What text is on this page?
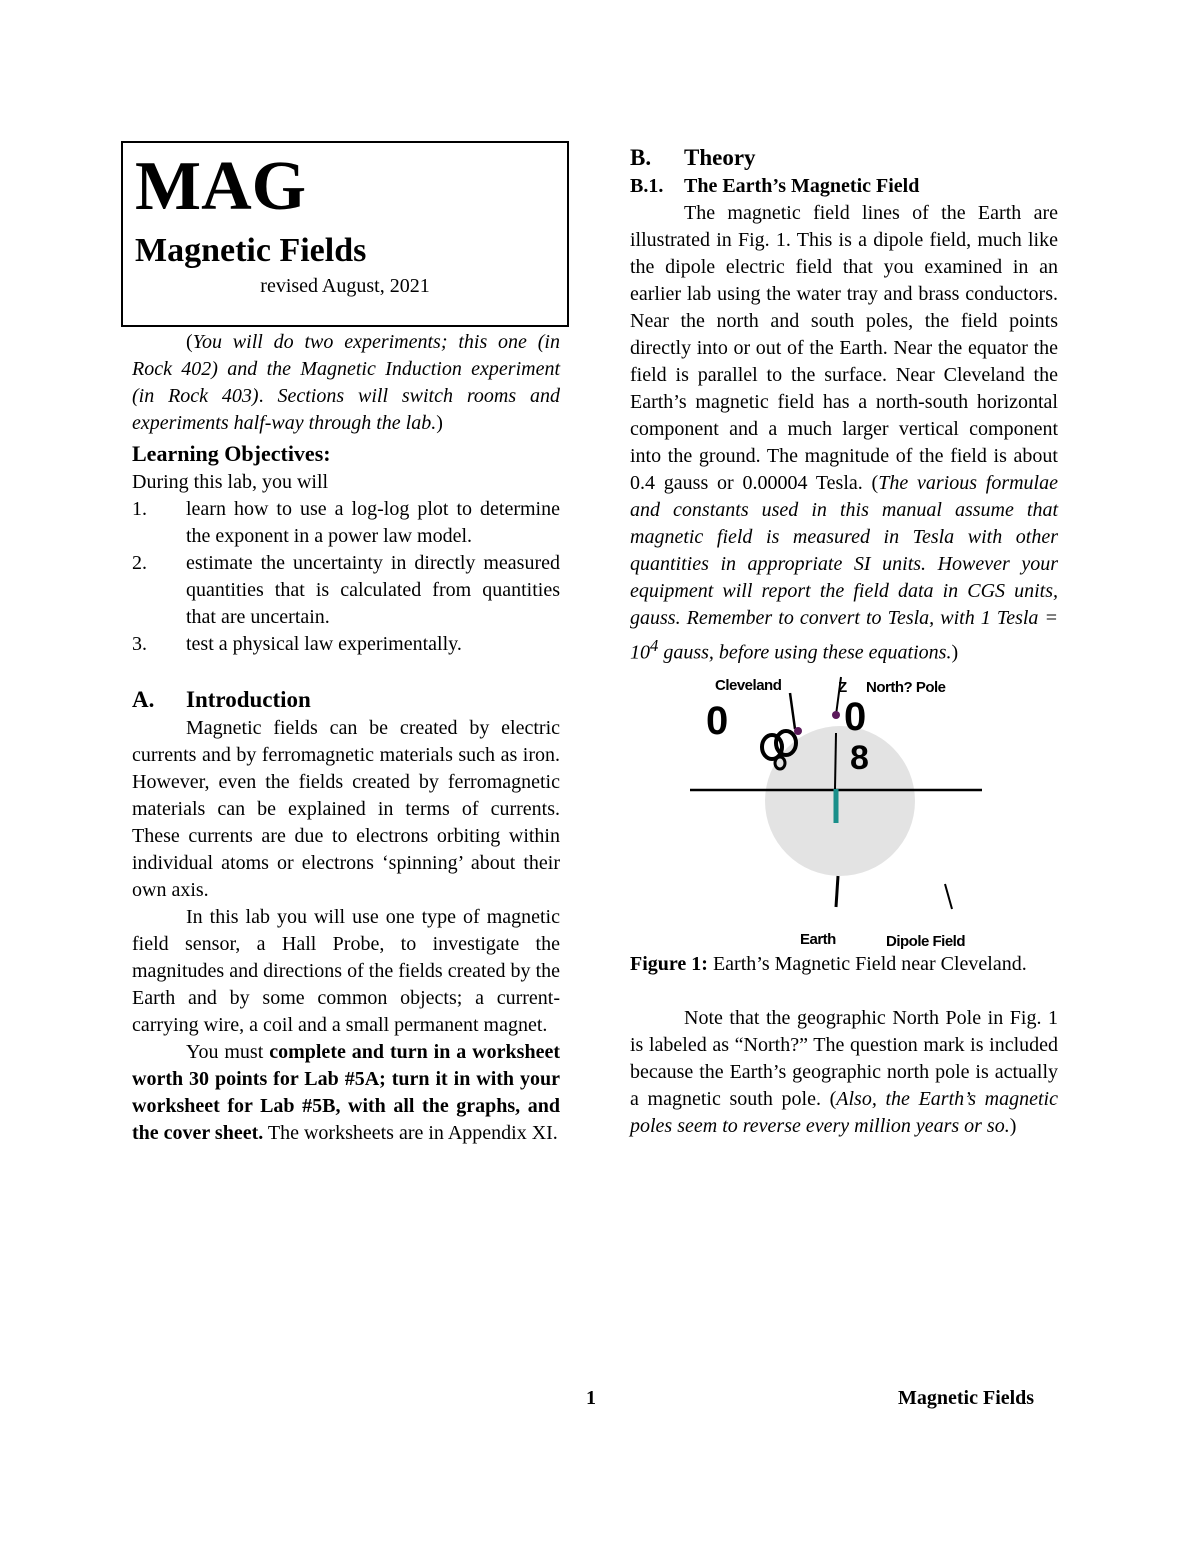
MAG
Magnetic Fields
revised August, 2021

(You will do two experiments; this one (in Rock 402) and the Magnetic Induction experiment (in Rock 403). Sections will switch rooms and experiments half-way through the lab.)

Learning Objectives:

During this lab, you will

1. learn how to use a log-log plot to determine the exponent in a power law model.
2. estimate the uncertainty in directly measured quantities that is calculated from quantities that are uncertain.
3. test a physical law experimentally.
A. Introduction

Magnetic fields can be created by electric currents and by ferromagnetic materials such as iron. However, even the fields created by ferromagnetic materials can be explained in terms of currents. These currents are due to electrons orbiting within individual atoms or electrons ‘spinning’ about their own axis.

In this lab you will use one type of magnetic field sensor, a Hall Probe, to investigate the magnitudes and directions of the fields created by the Earth and by some common objects; a current-carrying wire, a coil and a small permanent magnet.

You must complete and turn in a worksheet worth 30 points for Lab #5A; turn it in with your worksheet for Lab #5B, with all the graphs, and the cover sheet. The worksheets are in Appendix XI.

B. Theory
B.1. The Earth’s Magnetic Field

The magnetic field lines of the Earth are illustrated in Fig. 1. This is a dipole field, much like the dipole electric field that you examined in an earlier lab using the water tray and brass conductors. Near the north and south poles, the field points directly into or out of the Earth. Near the equator the field is parallel to the surface. Near Cleveland the Earth’s magnetic field has a north-south horizontal component and a much larger vertical component into the ground. The magnitude of the field is about 0.4 gauss or 0.00004 Tesla. (The various formulae and constants used in this manual assume that magnetic field is measured in Tesla with other quantities in appropriate SI units. However your equipment will report the field data in CGS units, gauss. Remember to convert to Tesla, with 1 Tesla = $10^4$ gauss, before using these equations.)

Cleveland	Z North? Pole
Earth	Dipole Field
0	0
8

Figure 1: Earth’s Magnetic Field near Cleveland.

Note that the geographic North Pole in Fig. 1 is labeled as “North?” The question mark is included because the Earth’s geographic north pole is actually a magnetic south pole. (Also, the Earth’s magnetic poles seem to reverse every million years or so.)

1	Magnetic Fields
